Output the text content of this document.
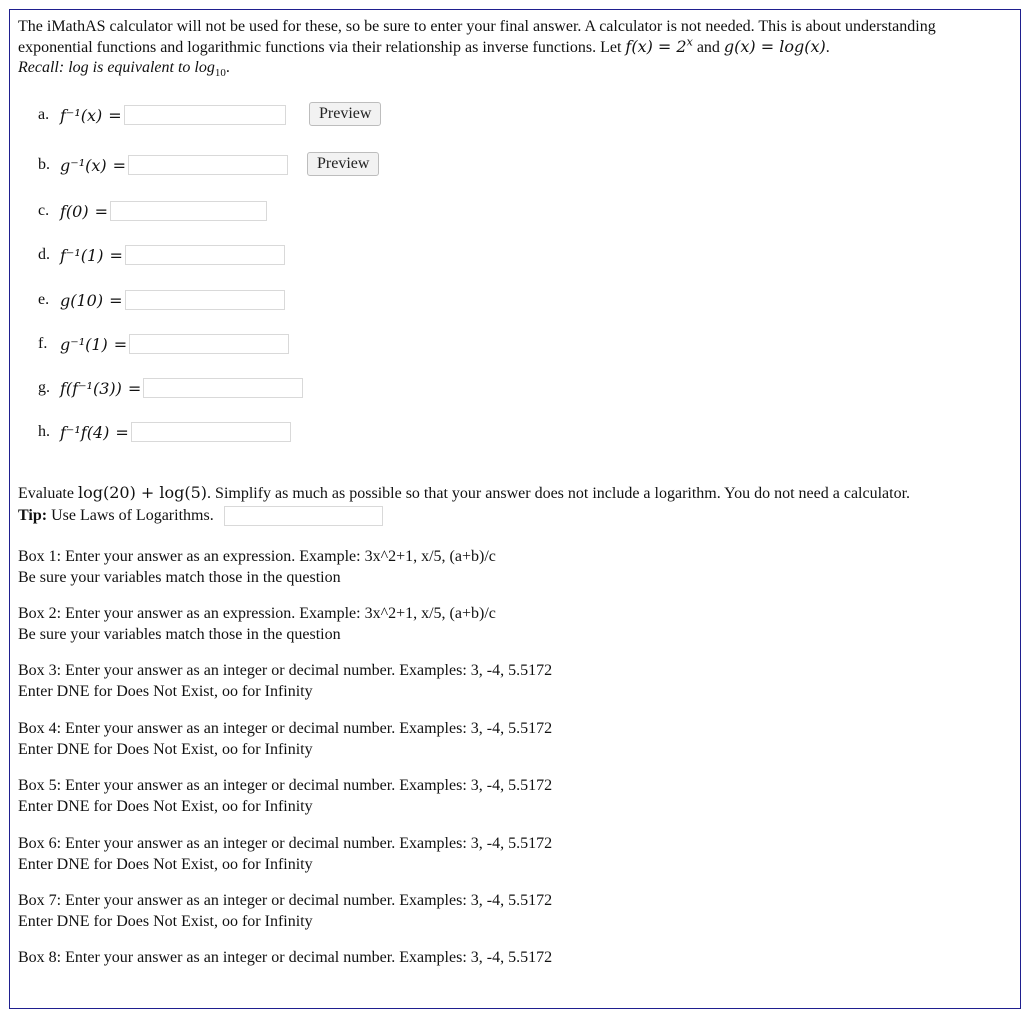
The iMathAS calculator will not be used for these, so be sure to enter your final answer. A calculator is not needed. This is about understanding exponential functions and logarithmic functions via their relationship as inverse functions. Let $f(x) = 2^x$ and g(x) = log(x).
Recall: log is equivalent to $\log_{10}$.
a. f⁻¹(x) =	Preview
b. g⁻¹(x) =	Preview
c. f(0) =
d. f⁻¹(1) =
e. g(10) =
f. g⁻¹(1) =
g. f(f⁻¹(3)) =
h. f⁻¹f(4) =
Evaluate log(20) + log(5). Simplify as much as possible so that your answer does not include a logarithm. You do not need a calculator.
Tip: Use Laws of Logarithms.
Box 1: Enter your answer as an expression. Example: 3x^2+1, x/5, (a+b)/c
Be sure your variables match those in the question
Box 2: Enter your answer as an expression. Example: 3x^2+1, x/5, (a+b)/c
Be sure your variables match those in the question
Box 3: Enter your answer as an integer or decimal number. Examples: 3, -4, 5.5172
Enter DNE for Does Not Exist, oo for Infinity
Box 4: Enter your answer as an integer or decimal number. Examples: 3, -4, 5.5172
Enter DNE for Does Not Exist, oo for Infinity
Box 5: Enter your answer as an integer or decimal number. Examples: 3, -4, 5.5172
Enter DNE for Does Not Exist, oo for Infinity
Box 6: Enter your answer as an integer or decimal number. Examples: 3, -4, 5.5172
Enter DNE for Does Not Exist, oo for Infinity
Box 7: Enter your answer as an integer or decimal number. Examples: 3, -4, 5.5172
Enter DNE for Does Not Exist, oo for Infinity
Box 8: Enter your answer as an integer or decimal number. Examples: 3, -4, 5.5172
